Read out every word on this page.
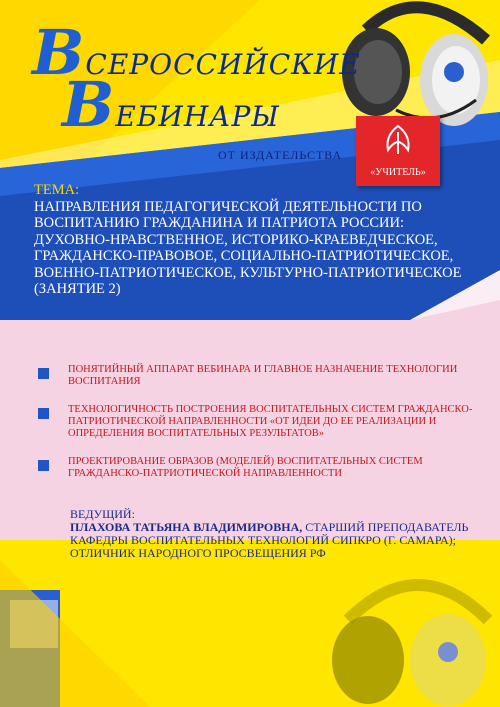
ВСЕРОССИЙСКИЕ
ВЕБИНАРЫ
ОТ ИЗДАТЕЛЬСТВА
«УЧИТЕЛЬ»
ТЕМА:
НАПРАВЛЕНИЯ ПЕДАГОГИЧЕСКОЙ ДЕЯТЕЛЬНОСТИ ПО ВОСПИТАНИЮ ГРАЖДАНИНА И ПАТРИОТА РОССИИ: ДУХОВНО-НРАВСТВЕННОЕ, ИСТОРИКО-КРАЕВЕДЧЕСКОЕ, ГРАЖДАНСКО-ПРАВОВОЕ, СОЦИАЛЬНО-ПАТРИОТИЧЕСКОЕ, ВОЕННО-ПАТРИОТИЧЕСКОЕ, КУЛЬТУРНО-ПАТРИОТИЧЕСКОЕ (ЗАНЯТИЕ 2)
ПОНЯТИЙНЫЙ АППАРАТ ВЕБИНАРА И ГЛАВНОЕ НАЗНАЧЕНИЕ ТЕХНОЛОГИИ ВОСПИТАНИЯ
ТЕХНОЛОГИЧНОСТЬ ПОСТРОЕНИЯ ВОСПИТАТЕЛЬНЫХ СИСТЕМ ГРАЖДАНСКО-ПАТРИОТИЧЕСКОЙ НАПРАВЛЕННОСТИ «ОТ ИДЕИ ДО ЕЕ РЕАЛИЗАЦИИ И ОПРЕДЕЛЕНИЯ ВОСПИТАТЕЛЬНЫХ РЕЗУЛЬТАТОВ»
ПРОЕКТИРОВАНИЕ ОБРАЗОВ (МОДЕЛЕЙ) ВОСПИТАТЕЛЬНЫХ СИСТЕМ ГРАЖДАНСКО-ПАТРИОТИЧЕСКОЙ НАПРАВЛЕННОСТИ
ВЕДУЩИЙ:
ПЛАХОВА ТАТЬЯНА ВЛАДИМИРОВНА, СТАРШИЙ ПРЕПОДАВАТЕЛЬ КАФЕДРЫ ВОСПИТАТЕЛЬНЫХ ТЕХНОЛОГИЙ СИПКРО (Г. САМАРА); ОТЛИЧНИК НАРОДНОГО ПРОСВЕЩЕНИЯ РФ
